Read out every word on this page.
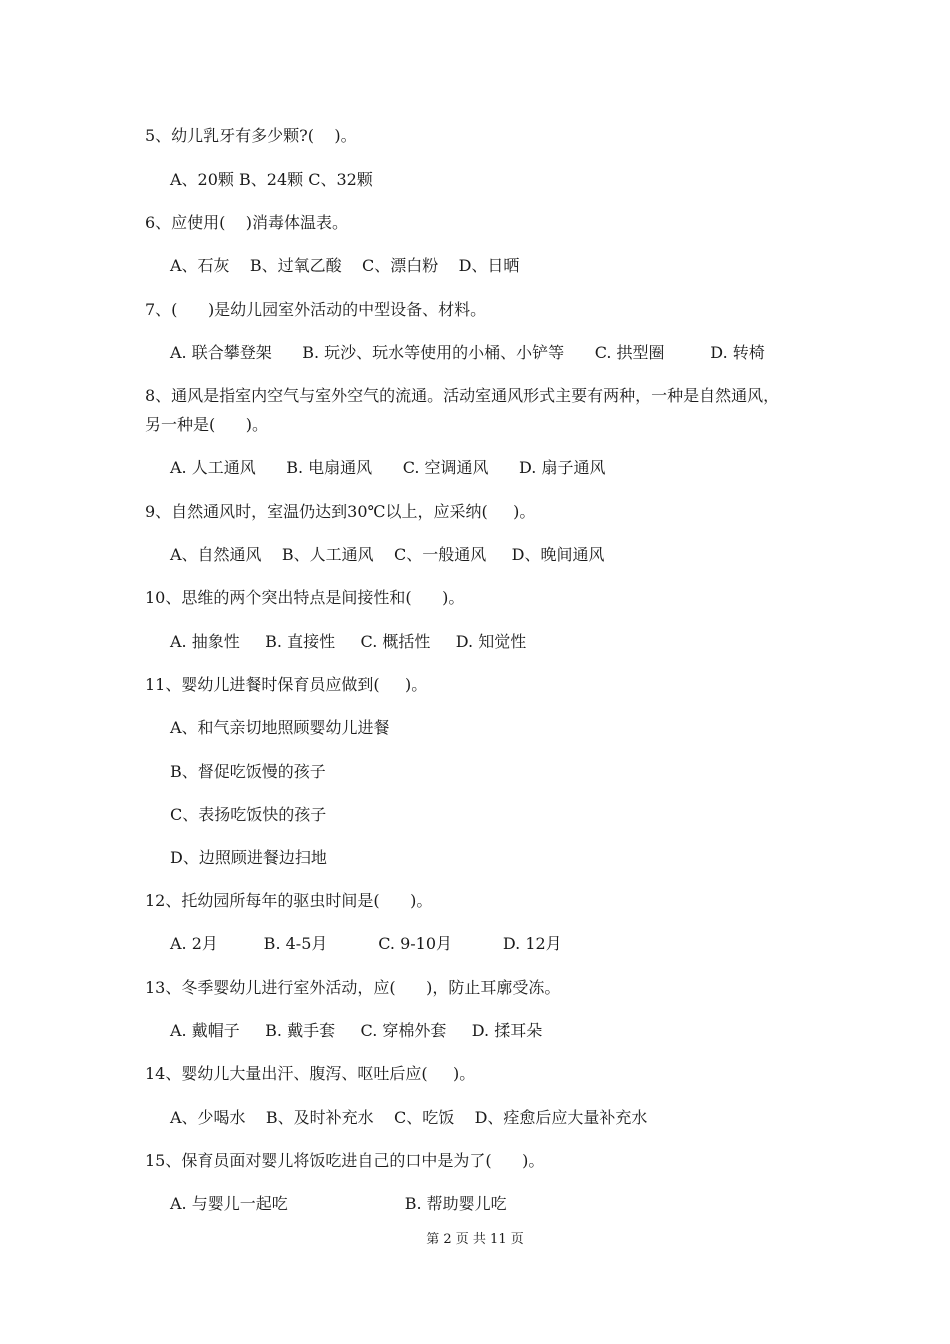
5、幼儿乳牙有多少颗?(    )。
A、20颗 B、24颗 C、32颗
6、应使用(    )消毒体温表。
A、石灰    B、过氧乙酸    C、漂白粉    D、日晒
7、(      )是幼儿园室外活动的中型设备、材料。
A. 联合攀登架      B. 玩沙、玩水等使用的小桶、小铲等      C. 拱型圈         D. 转椅
8、通风是指室内空气与室外空气的流通。活动室通风形式主要有两种，一种是自然通风，
另一种是(      )。
A. 人工通风      B. 电扇通风      C. 空调通风      D. 扇子通风
9、自然通风时，室温仍达到30℃以上，应采纳(     )。
A、自然通风    B、人工通风    C、一般通风     D、晚间通风
10、思维的两个突出特点是间接性和(      )。
A. 抽象性     B. 直接性     C. 概括性     D. 知觉性
11、婴幼儿进餐时保育员应做到(     )。
A、和气亲切地照顾婴幼儿进餐
B、督促吃饭慢的孩子
C、表扬吃饭快的孩子
D、边照顾进餐边扫地
12、托幼园所每年的驱虫时间是(      )。
A. 2月         B. 4-5月          C. 9-10月          D. 12月
13、冬季婴幼儿进行室外活动，应(      )，防止耳廓受冻。
A. 戴帽子     B. 戴手套     C. 穿棉外套     D. 揉耳朵
14、婴幼儿大量出汗、腹泻、呕吐后应(     )。
A、少喝水    B、及时补充水    C、吃饭    D、痊愈后应大量补充水
15、保育员面对婴儿将饭吃进自己的口中是为了(      )。
A. 与婴儿一起吃                       B. 帮助婴儿吃
第 2 页 共 11 页
